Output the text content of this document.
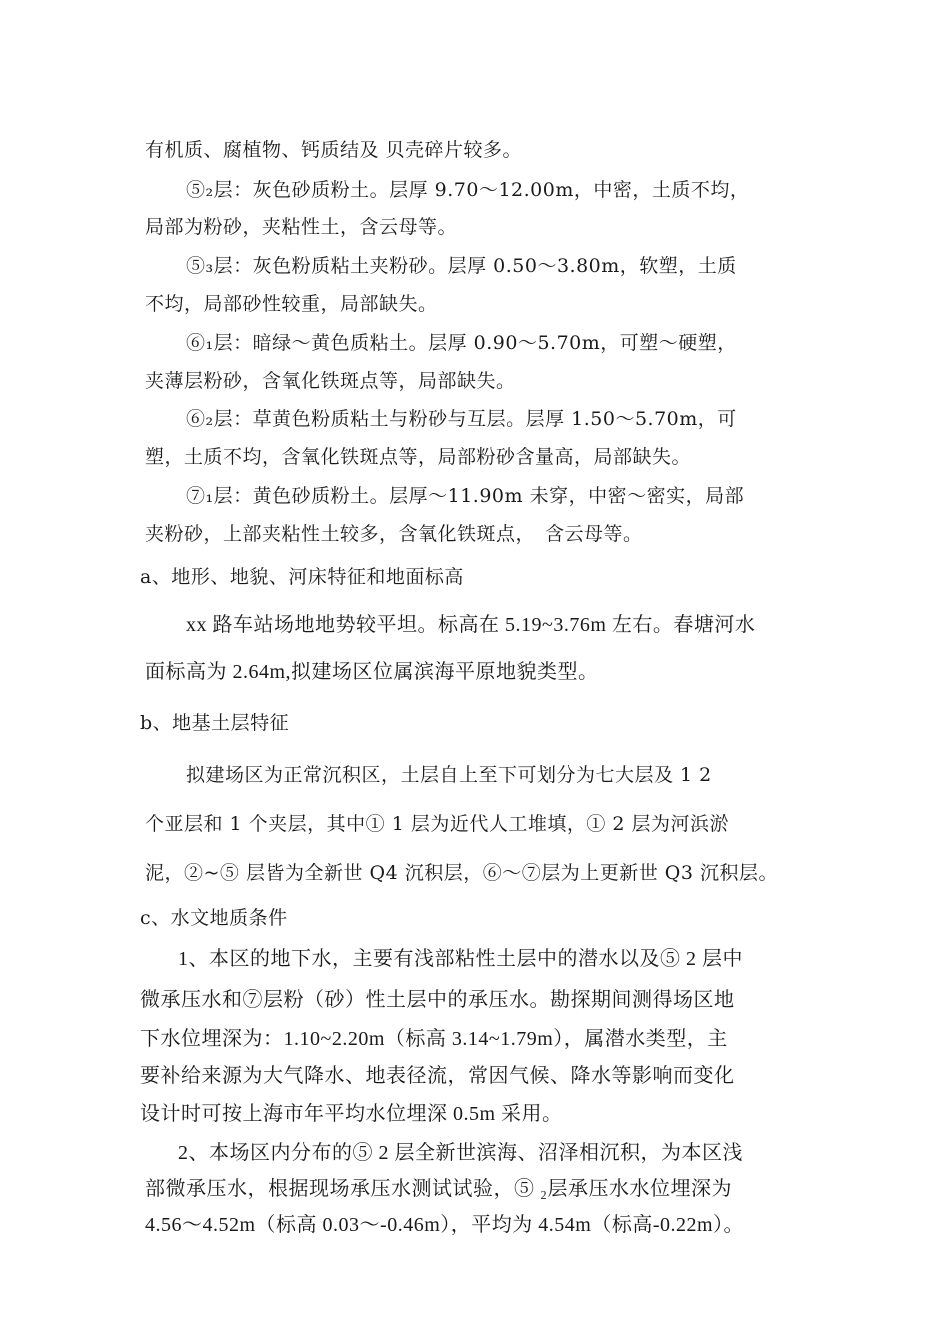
有机质、腐植物、钙质结及 贝壳碎片较多。
⑤₂层：灰色砂质粉土。层厚 9.70～12.00m，中密，土质不均，
局部为粉砂，夹粘性土，含云母等。
⑤₃层：灰色粉质粘土夹粉砂。层厚 0.50～3.80m，软塑，土质
不均，局部砂性较重，局部缺失。
⑥₁层：暗绿～黄色质粘土。层厚 0.90～5.70m，可塑～硬塑，
夹薄层粉砂，含氧化铁斑点等，局部缺失。
⑥₂层：草黄色粉质粘土与粉砂与互层。层厚 1.50～5.70m，可
塑，土质不均，含氧化铁斑点等，局部粉砂含量高，局部缺失。
⑦₁层：黄色砂质粉土。层厚～11.90m 未穿，中密～密实，局部
夹粉砂，上部夹粘性土较多，含氧化铁斑点，　含云母等。
a、地形、地貌、河床特征和地面标高
xx 路车站场地地势较平坦。标高在 5.19~3.76m 左右。春塘河水
面标高为 2.64m,拟建场区位属滨海平原地貌类型。
b、地基土层特征
拟建场区为正常沉积区，土层自上至下可划分为七大层及 1 2
个亚层和 1 个夹层，其中① 1 层为近代人工堆填，① 2 层为河浜淤
泥，②~⑤ 层皆为全新世 Q4 沉积层，⑥～⑦层为上更新世 Q3 沉积层。
c、水文地质条件
1、本区的地下水，主要有浅部粘性土层中的潜水以及⑤ 2 层中
微承压水和⑦层粉（砂）性土层中的承压水。勘探期间测得场区地
下水位埋深为：1.10~2.20m（标高 3.14~1.79m），属潜水类型，主
要补给来源为大气降水、地表径流，常因气候、降水等影响而变化
设计时可按上海市年平均水位埋深 0.5m 采用。
2、本场区内分布的⑤ 2 层全新世滨海、沼泽相沉积，为本区浅
部微承压水，根据现场承压水测试试验，⑤ ₂层承压水水位埋深为
4.56～4.52m（标高 0.03～-0.46m），平均为 4.54m（标高-0.22m）。
